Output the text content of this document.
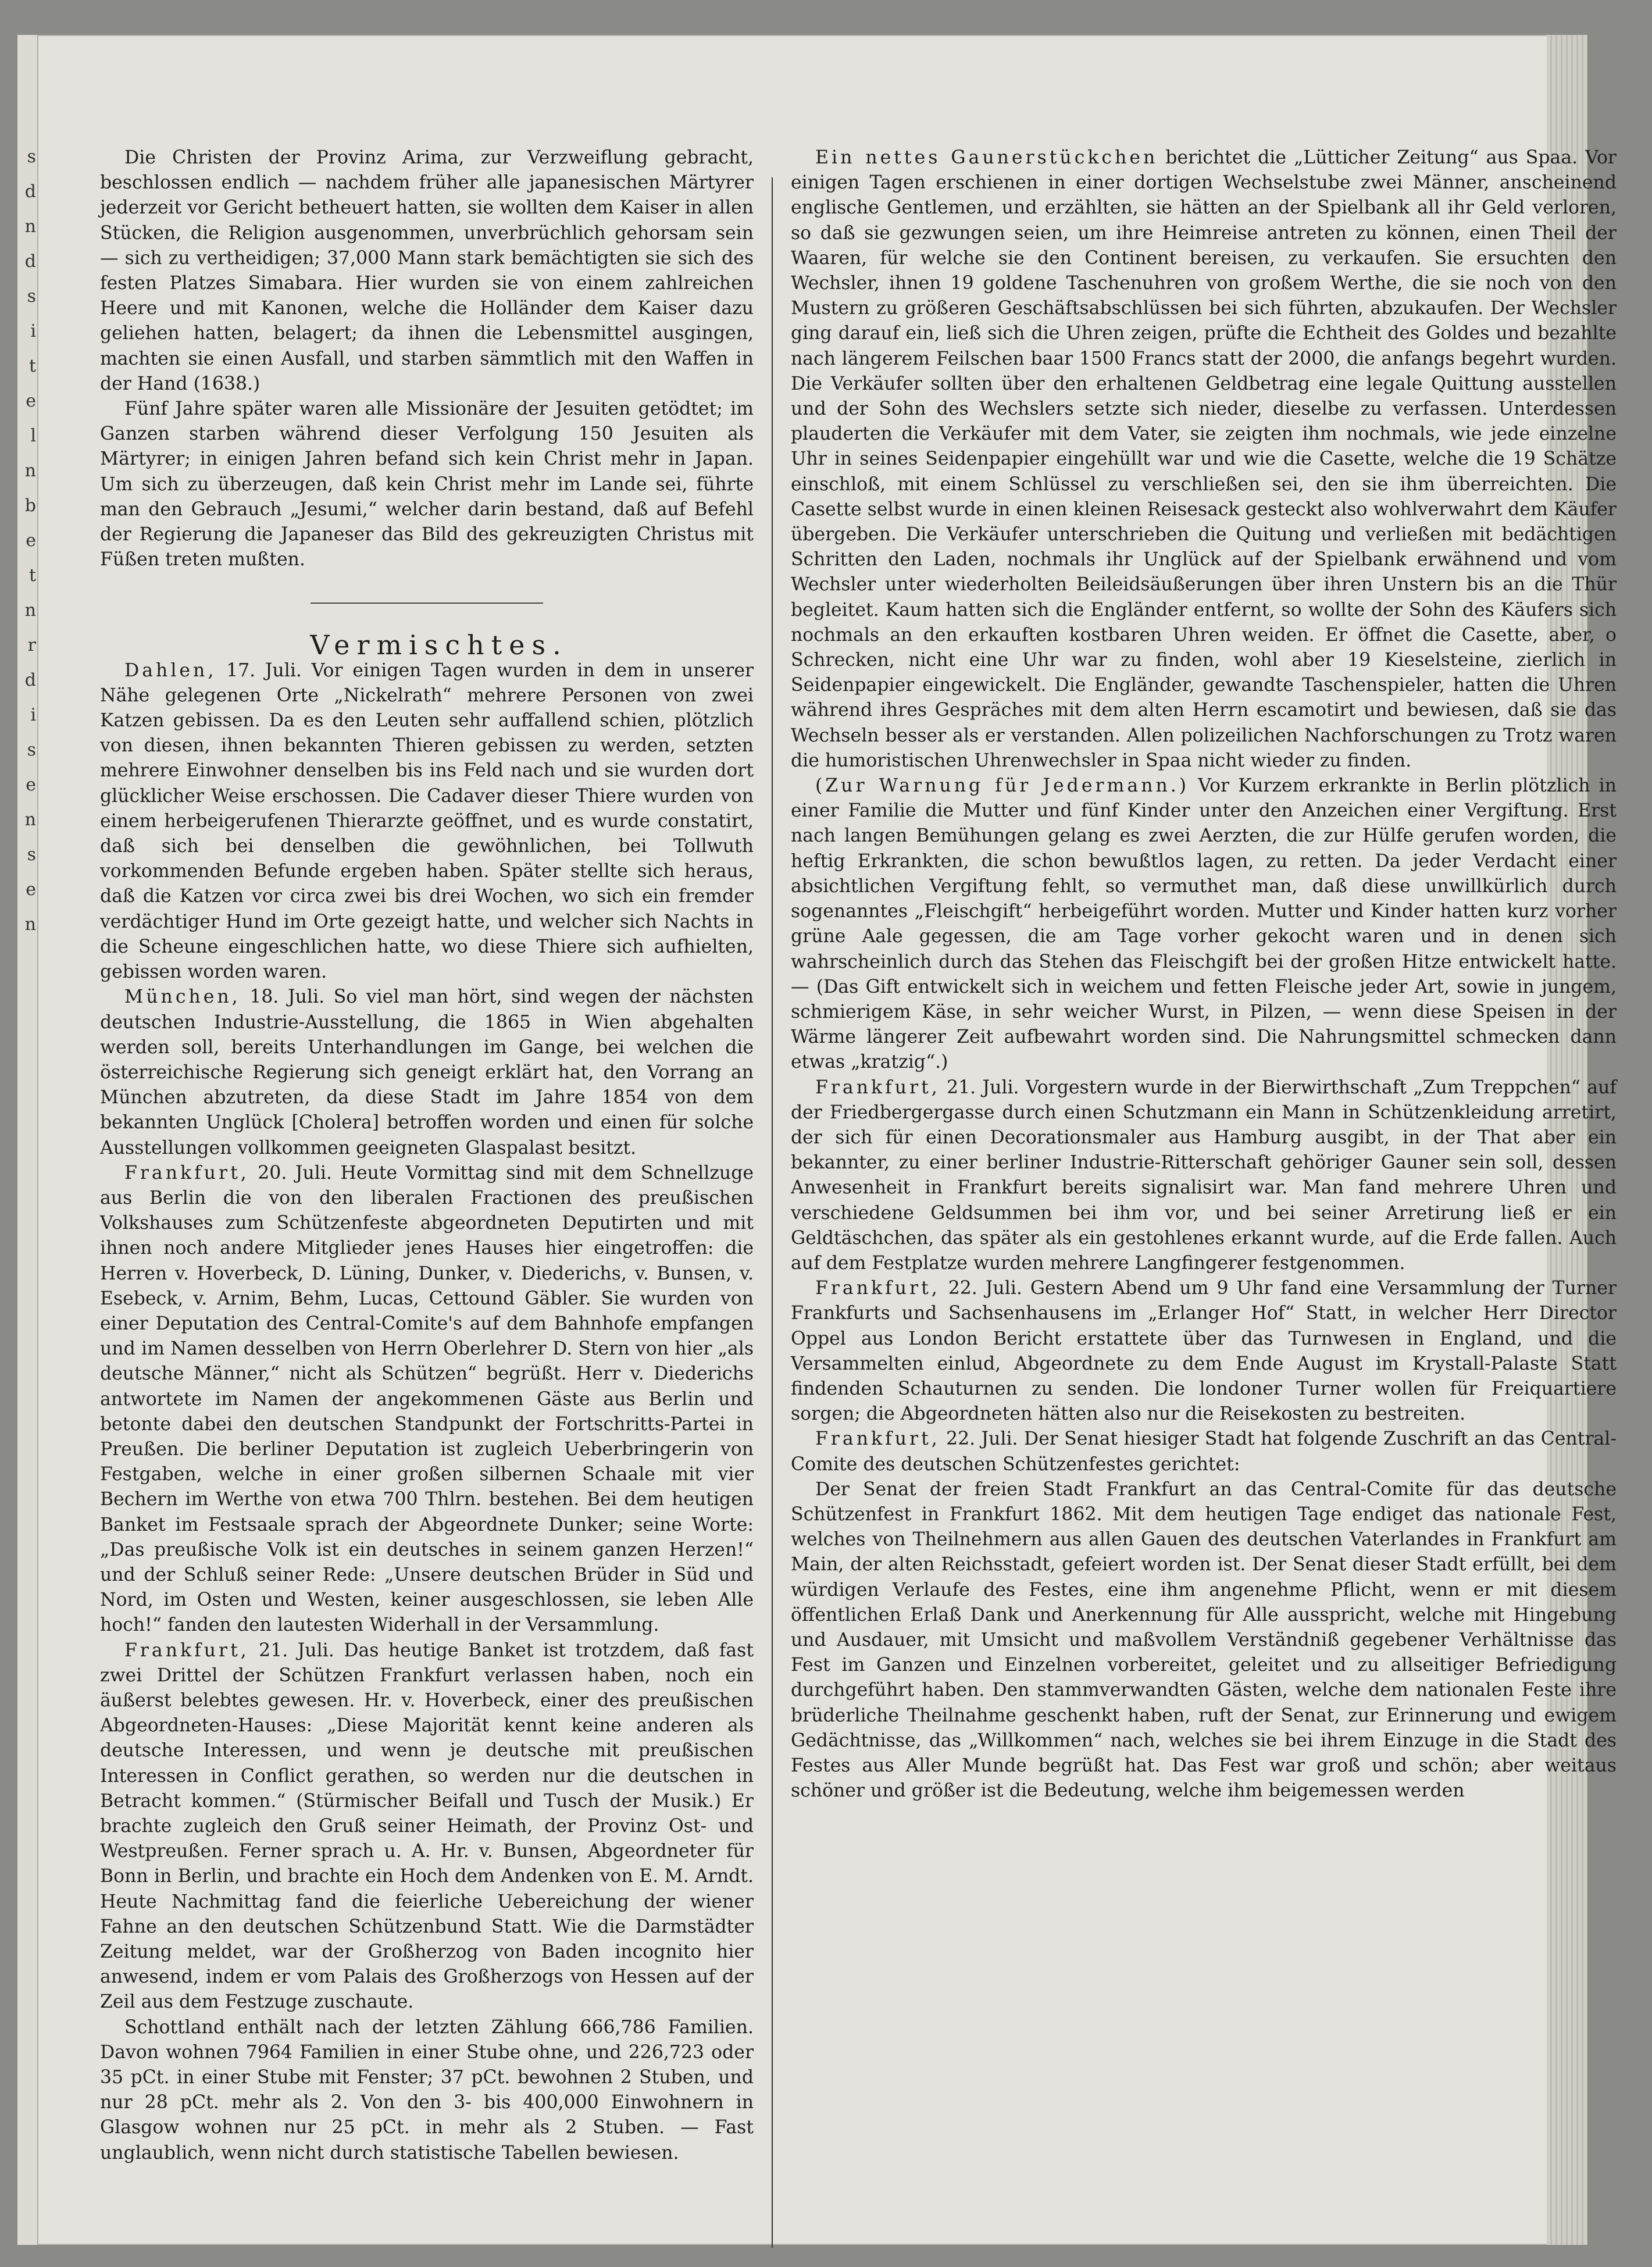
s
d
n
d
s
i
t
e
l
n
b
e
t
n
r
d
i
s
e
n
s
e
n

Die Christen der Provinz Arima, zur Verzweiflung gebracht, beschlossen endlich — nachdem früher alle japanesischen Märtyrer jederzeit vor Gericht betheuert hatten, sie wollten dem Kaiser in allen Stücken, die Religion ausgenommen, unverbrüchlich gehorsam sein — sich zu vertheidigen; 37,000 Mann stark bemächtigten sie sich des festen Platzes Simabara. Hier wurden sie von einem zahlreichen Heere und mit Kanonen, welche die Holländer dem Kaiser dazu geliehen hatten, belagert; da ihnen die Lebensmittel ausgingen, machten sie einen Ausfall, und starben sämmtlich mit den Waffen in der Hand (1638.)

Fünf Jahre später waren alle Missionäre der Jesuiten getödtet; im Ganzen starben während dieser Verfolgung 150 Jesuiten als Märtyrer; in einigen Jahren befand sich kein Christ mehr in Japan. Um sich zu überzeugen, daß kein Christ mehr im Lande sei, führte man den Gebrauch „Jesumi,“ welcher darin bestand, daß auf Befehl der Regierung die Japaneser das Bild des gekreuzigten Christus mit Füßen treten mußten.

Vermischtes.

Dahlen, 17. Juli. Vor einigen Tagen wurden in dem in unserer Nähe gelegenen Orte „Nickelrath“ mehrere Personen von zwei Katzen gebissen. Da es den Leuten sehr auffallend schien, plötzlich von diesen, ihnen bekannten Thieren gebissen zu werden, setzten mehrere Einwohner denselben bis ins Feld nach und sie wurden dort glücklicher Weise erschossen. Die Cadaver dieser Thiere wurden von einem herbeigerufenen Thierarzte geöffnet, und es wurde constatirt, daß sich bei denselben die gewöhnlichen, bei Tollwuth vorkommenden Befunde ergeben haben. Später stellte sich heraus, daß die Katzen vor circa zwei bis drei Wochen, wo sich ein fremder verdächtiger Hund im Orte gezeigt hatte, und welcher sich Nachts in die Scheune eingeschlichen hatte, wo diese Thiere sich aufhielten, gebissen worden waren.

München, 18. Juli. So viel man hört, sind wegen der nächsten deutschen Industrie-Ausstellung, die 1865 in Wien abgehalten werden soll, bereits Unterhandlungen im Gange, bei welchen die österreichische Regierung sich geneigt erklärt hat, den Vorrang an München abzutreten, da diese Stadt im Jahre 1854 von dem bekannten Unglück [Cholera] betroffen worden und einen für solche Ausstellungen vollkommen geeigneten Glaspalast besitzt.

Frankfurt, 20. Juli. Heute Vormittag sind mit dem Schnellzuge aus Berlin die von den liberalen Fractionen des preußischen Volkshauses zum Schützenfeste abgeordneten Deputirten und mit ihnen noch andere Mitglieder jenes Hauses hier eingetroffen: die Herren v. Hoverbeck, D. Lüning, Dunker, v. Diederichs, v. Bunsen, v. Esebeck, v. Arnim, Behm, Lucas, Cettound Gäbler. Sie wurden von einer Deputation des Central-Comite's auf dem Bahnhofe empfangen und im Namen desselben von Herrn Oberlehrer D. Stern von hier „als deutsche Männer,“ nicht als Schützen“ begrüßt. Herr v. Diederichs antwortete im Namen der angekommenen Gäste aus Berlin und betonte dabei den deutschen Standpunkt der Fortschritts-Partei in Preußen. Die berliner Deputation ist zugleich Ueberbringerin von Festgaben, welche in einer großen silbernen Schaale mit vier Bechern im Werthe von etwa 700 Thlrn. bestehen. Bei dem heutigen Banket im Festsaale sprach der Abgeordnete Dunker; seine Worte: „Das preußische Volk ist ein deutsches in seinem ganzen Herzen!“ und der Schluß seiner Rede: „Unsere deutschen Brüder in Süd und Nord, im Osten und Westen, keiner ausgeschlossen, sie leben Alle hoch!“ fanden den lautesten Widerhall in der Versammlung.

Frankfurt, 21. Juli. Das heutige Banket ist trotzdem, daß fast zwei Drittel der Schützen Frankfurt verlassen haben, noch ein äußerst belebtes gewesen. Hr. v. Hoverbeck, einer des preußischen Abgeordneten-Hauses: „Diese Majorität kennt keine anderen als deutsche Interessen, und wenn je deutsche mit preußischen Interessen in Conflict gerathen, so werden nur die deutschen in Betracht kommen.“ (Stürmischer Beifall und Tusch der Musik.) Er brachte zugleich den Gruß seiner Heimath, der Provinz Ost- und Westpreußen. Ferner sprach u. A. Hr. v. Bunsen, Abgeordneter für Bonn in Berlin, und brachte ein Hoch dem Andenken von E. M. Arndt. Heute Nachmittag fand die feierliche Uebereichung der wiener Fahne an den deutschen Schützenbund Statt. Wie die Darmstädter Zeitung meldet, war der Großherzog von Baden incognito hier anwesend, indem er vom Palais des Großherzogs von Hessen auf der Zeil aus dem Festzuge zuschaute.

Schottland enthält nach der letzten Zählung 666,786 Familien. Davon wohnen 7964 Familien in einer Stube ohne, und 226,723 oder 35 pCt. in einer Stube mit Fenster; 37 pCt. bewohnen 2 Stuben, und nur 28 pCt. mehr als 2. Von den 3- bis 400,000 Einwohnern in Glasgow wohnen nur 25 pCt. in mehr als 2 Stuben. — Fast unglaublich, wenn nicht durch statistische Tabellen bewiesen.

Ein nettes Gaunerstückchen berichtet die „Lütticher Zeitung“ aus Spaa. Vor einigen Tagen erschienen in einer dortigen Wechselstube zwei Männer, anscheinend englische Gentlemen, und erzählten, sie hätten an der Spielbank all ihr Geld verloren, so daß sie gezwungen seien, um ihre Heimreise antreten zu können, einen Theil der Waaren, für welche sie den Continent bereisen, zu verkaufen. Sie ersuchten den Wechsler, ihnen 19 goldene Taschenuhren von großem Werthe, die sie noch von den Mustern zu größeren Geschäftsabschlüssen bei sich führten, abzukaufen. Der Wechsler ging darauf ein, ließ sich die Uhren zeigen, prüfte die Echtheit des Goldes und bezahlte nach längerem Feilschen baar 1500 Francs statt der 2000, die anfangs begehrt wurden. Die Verkäufer sollten über den erhaltenen Geldbetrag eine legale Quittung ausstellen und der Sohn des Wechslers setzte sich nieder, dieselbe zu verfassen. Unterdessen plauderten die Verkäufer mit dem Vater, sie zeigten ihm nochmals, wie jede einzelne Uhr in seines Seidenpapier eingehüllt war und wie die Casette, welche die 19 Schätze einschloß, mit einem Schlüssel zu verschließen sei, den sie ihm überreichten. Die Casette selbst wurde in einen kleinen Reisesack gesteckt also wohlverwahrt dem Käufer übergeben. Die Verkäufer unterschrieben die Quitung und verließen mit bedächtigen Schritten den Laden, nochmals ihr Unglück auf der Spielbank erwähnend und vom Wechsler unter wiederholten Beileidsäußerungen über ihren Unstern bis an die Thür begleitet. Kaum hatten sich die Engländer entfernt, so wollte der Sohn des Käufers sich nochmals an den erkauften kostbaren Uhren weiden. Er öffnet die Casette, aber, o Schrecken, nicht eine Uhr war zu finden, wohl aber 19 Kieselsteine, zierlich in Seidenpapier eingewickelt. Die Engländer, gewandte Taschenspieler, hatten die Uhren während ihres Gespräches mit dem alten Herrn escamotirt und bewiesen, daß sie das Wechseln besser als er verstanden. Allen polizeilichen Nachforschungen zu Trotz waren die humoristischen Uhrenwechsler in Spaa nicht wieder zu finden.

(Zur Warnung für Jedermann.) Vor Kurzem erkrankte in Berlin plötzlich in einer Familie die Mutter und fünf Kinder unter den Anzeichen einer Vergiftung. Erst nach langen Bemühungen gelang es zwei Aerzten, die zur Hülfe gerufen worden, die heftig Erkrankten, die schon bewußtlos lagen, zu retten. Da jeder Verdacht einer absichtlichen Vergiftung fehlt, so vermuthet man, daß diese unwillkürlich durch sogenanntes „Fleischgift“ herbeigeführt worden. Mutter und Kinder hatten kurz vorher grüne Aale gegessen, die am Tage vorher gekocht waren und in denen sich wahrscheinlich durch das Stehen das Fleischgift bei der großen Hitze entwickelt hatte. — (Das Gift entwickelt sich in weichem und fetten Fleische jeder Art, sowie in jungem, schmierigem Käse, in sehr weicher Wurst, in Pilzen, — wenn diese Speisen in der Wärme längerer Zeit aufbewahrt worden sind. Die Nahrungsmittel schmecken dann etwas „kratzig“.)

Frankfurt, 21. Juli. Vorgestern wurde in der Bierwirthschaft „Zum Treppchen“ auf der Friedbergergasse durch einen Schutzmann ein Mann in Schützenkleidung arretirt, der sich für einen Decorationsmaler aus Hamburg ausgibt, in der That aber ein bekannter, zu einer berliner Industrie-Ritterschaft gehöriger Gauner sein soll, dessen Anwesenheit in Frankfurt bereits signalisirt war. Man fand mehrere Uhren und verschiedene Geldsummen bei ihm vor, und bei seiner Arretirung ließ er ein Geldtäschchen, das später als ein gestohlenes erkannt wurde, auf die Erde fallen. Auch auf dem Festplatze wurden mehrere Langfingerer festgenommen.

Frankfurt, 22. Juli. Gestern Abend um 9 Uhr fand eine Versammlung der Turner Frankfurts und Sachsenhausens im „Erlanger Hof“ Statt, in welcher Herr Director Oppel aus London Bericht erstattete über das Turnwesen in England, und die Versammelten einlud, Abgeordnete zu dem Ende August im Krystall-Palaste Statt findenden Schauturnen zu senden. Die londoner Turner wollen für Freiquartiere sorgen; die Abgeordneten hätten also nur die Reisekosten zu bestreiten.

Frankfurt, 22. Juli. Der Senat hiesiger Stadt hat folgende Zuschrift an das Central-Comite des deutschen Schützenfestes gerichtet:

Der Senat der freien Stadt Frankfurt an das Central-Comite für das deutsche Schützenfest in Frankfurt 1862. Mit dem heutigen Tage endiget das nationale Fest, welches von Theilnehmern aus allen Gauen des deutschen Vaterlandes in Frankfurt am Main, der alten Reichsstadt, gefeiert worden ist. Der Senat dieser Stadt erfüllt, bei dem würdigen Verlaufe des Festes, eine ihm angenehme Pflicht, wenn er mit diesem öffentlichen Erlaß Dank und Anerkennung für Alle ausspricht, welche mit Hingebung und Ausdauer, mit Umsicht und maßvollem Verständniß gegebener Verhältnisse das Fest im Ganzen und Einzelnen vorbereitet, geleitet und zu allseitiger Befriedigung durchgeführt haben. Den stammverwandten Gästen, welche dem nationalen Feste ihre brüderliche Theilnahme geschenkt haben, ruft der Senat, zur Erinnerung und ewigem Gedächtnisse, das „Willkommen“ nach, welches sie bei ihrem Einzuge in die Stadt des Festes aus Aller Munde begrüßt hat. Das Fest war groß und schön; aber weitaus schöner und größer ist die Bedeutung, welche ihm beigemessen werden
